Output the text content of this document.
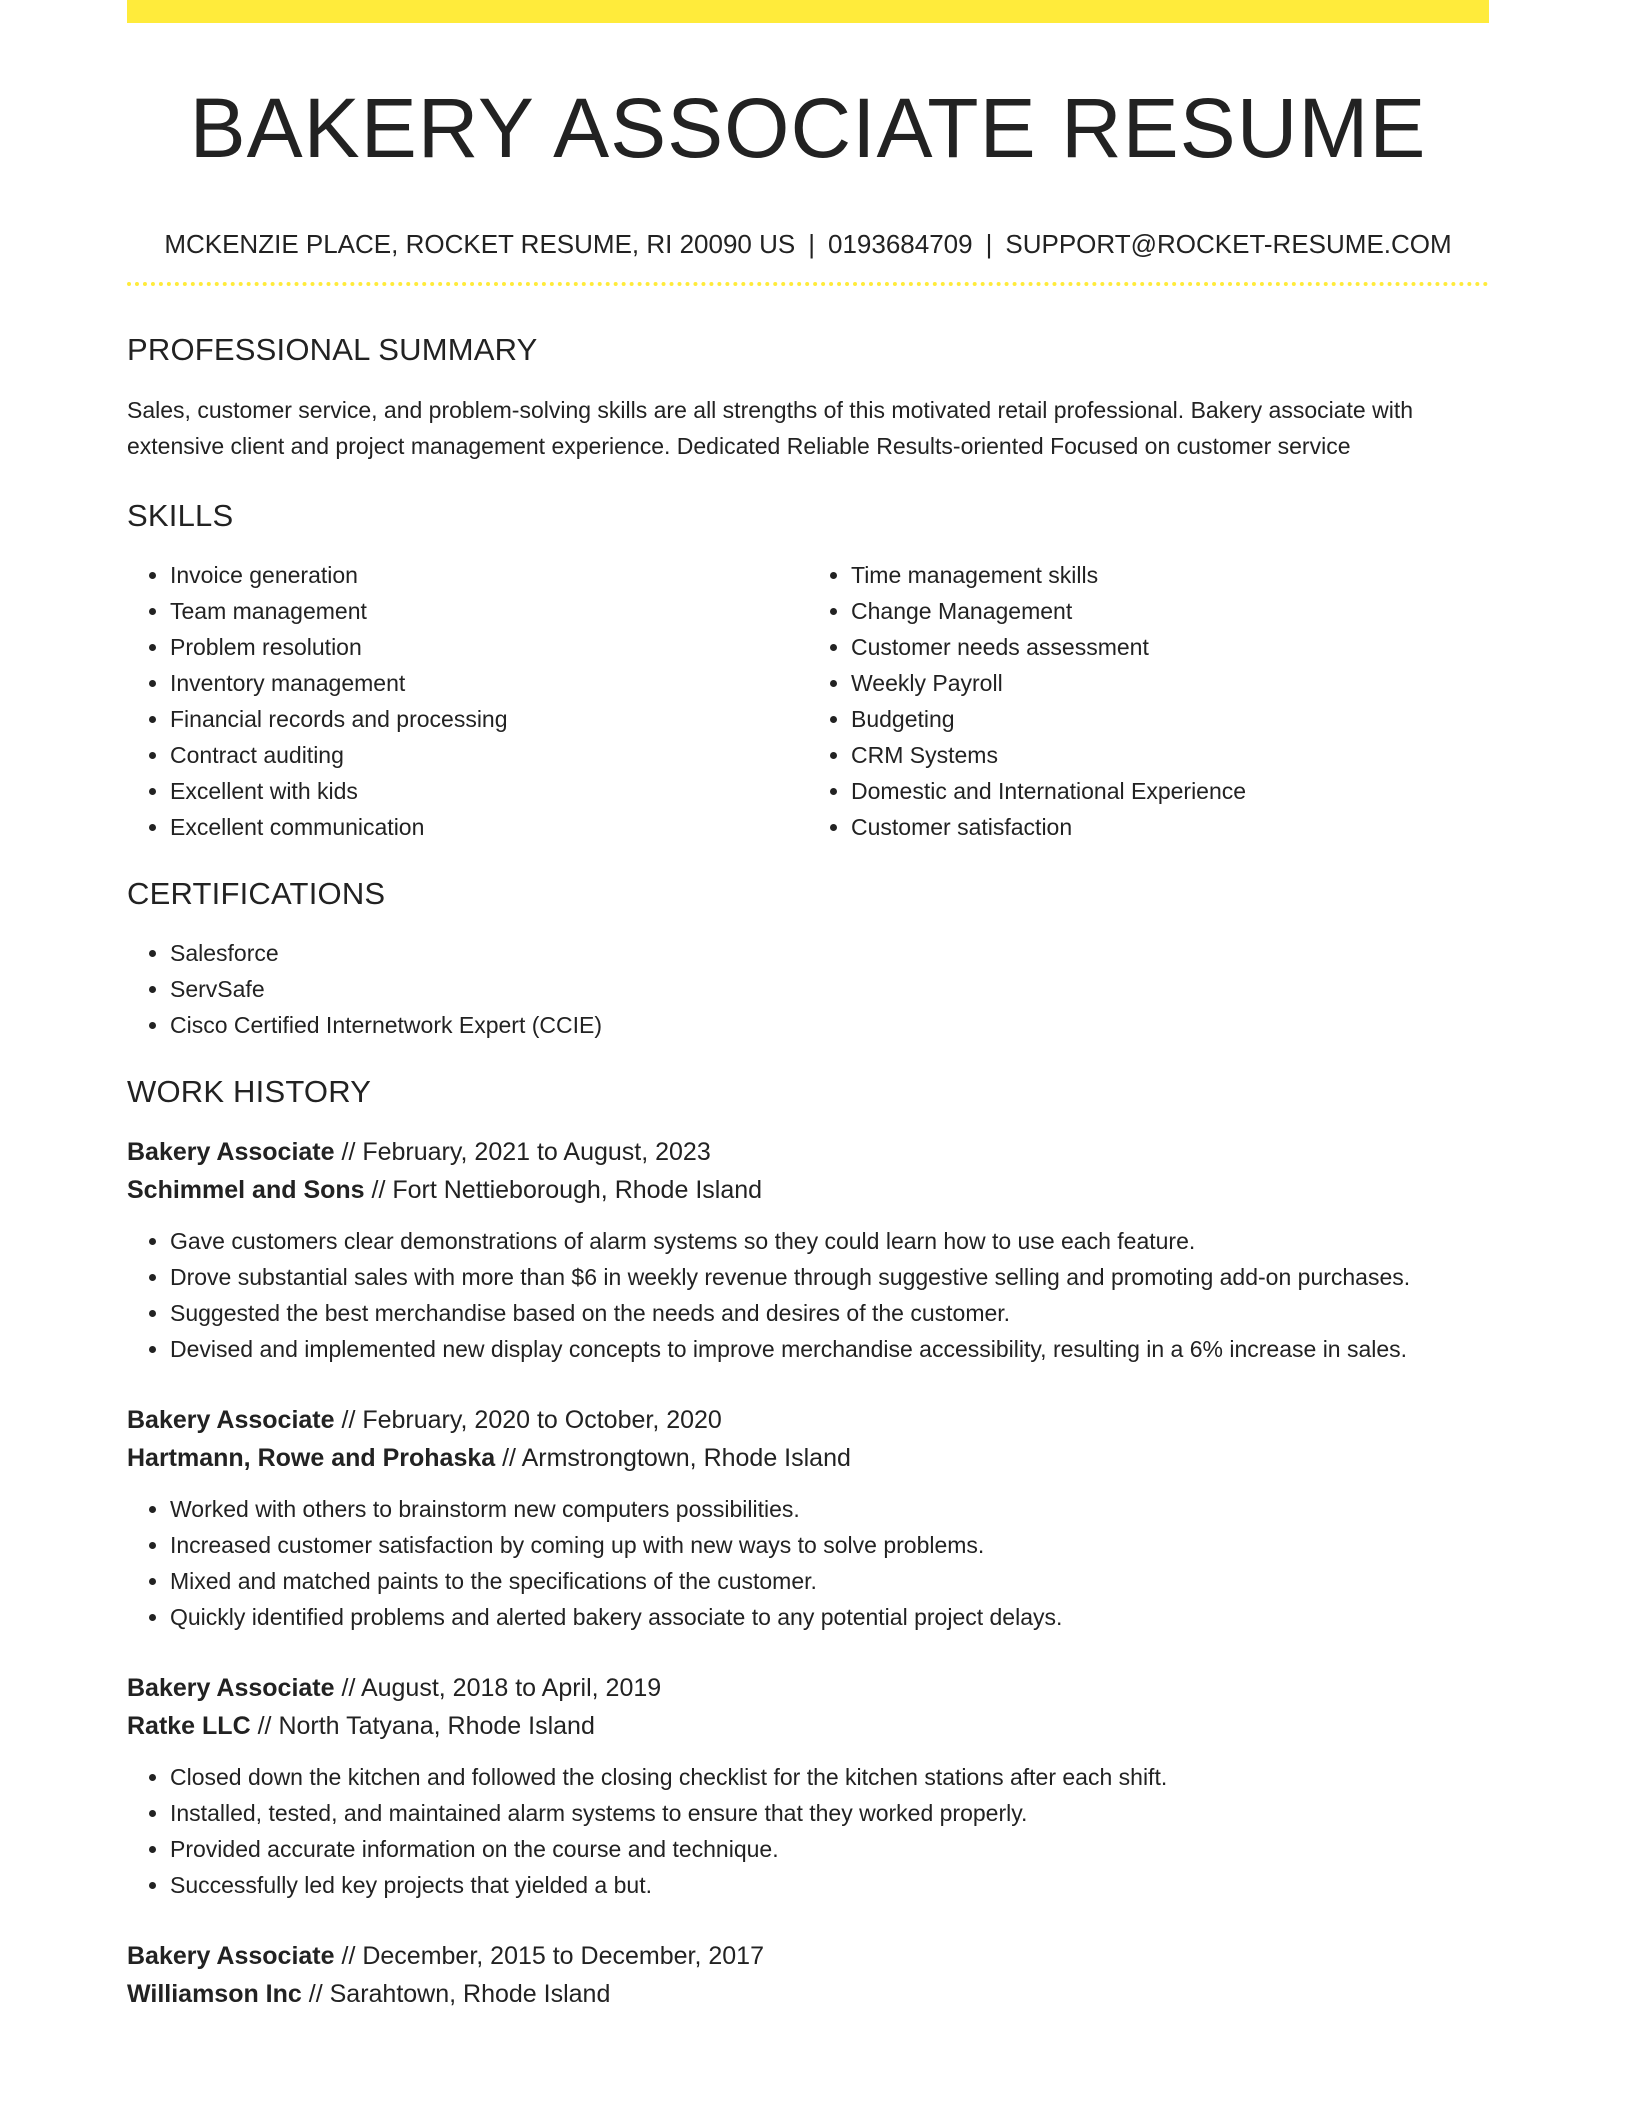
BAKERY ASSOCIATE RESUME
MCKENZIE PLACE, ROCKET RESUME, RI 20090 US | 0193684709 | SUPPORT@ROCKET-RESUME.COM
PROFESSIONAL SUMMARY

Sales, customer service, and problem-solving skills are all strengths of this motivated retail professional. Bakery associate with extensive client and project management experience. Dedicated Reliable Results-oriented Focused on customer service

SKILLS
• Invoice generation
• Team management
• Problem resolution
• Inventory management
• Financial records and processing
• Contract auditing
• Excellent with kids
• Excellent communication
• Time management skills
• Change Management
• Customer needs assessment
• Weekly Payroll
• Budgeting
• CRM Systems
• Domestic and International Experience
• Customer satisfaction
CERTIFICATIONS
• Salesforce
• ServSafe
• Cisco Certified Internetwork Expert (CCIE)
WORK HISTORY
Bakery Associate // February, 2021 to August, 2023
Schimmel and Sons // Fort Nettieborough, Rhode Island
• Gave customers clear demonstrations of alarm systems so they could learn how to use each feature.
• Drove substantial sales with more than $6 in weekly revenue through suggestive selling and promoting add-on purchases.
• Suggested the best merchandise based on the needs and desires of the customer.
• Devised and implemented new display concepts to improve merchandise accessibility, resulting in a 6% increase in sales.
Bakery Associate // February, 2020 to October, 2020
Hartmann, Rowe and Prohaska // Armstrongtown, Rhode Island
• Worked with others to brainstorm new computers possibilities.
• Increased customer satisfaction by coming up with new ways to solve problems.
• Mixed and matched paints to the specifications of the customer.
• Quickly identified problems and alerted bakery associate to any potential project delays.
Bakery Associate // August, 2018 to April, 2019
Ratke LLC // North Tatyana, Rhode Island
• Closed down the kitchen and followed the closing checklist for the kitchen stations after each shift.
• Installed, tested, and maintained alarm systems to ensure that they worked properly.
• Provided accurate information on the course and technique.
• Successfully led key projects that yielded a but.
Bakery Associate // December, 2015 to December, 2017
Williamson Inc // Sarahtown, Rhode Island
